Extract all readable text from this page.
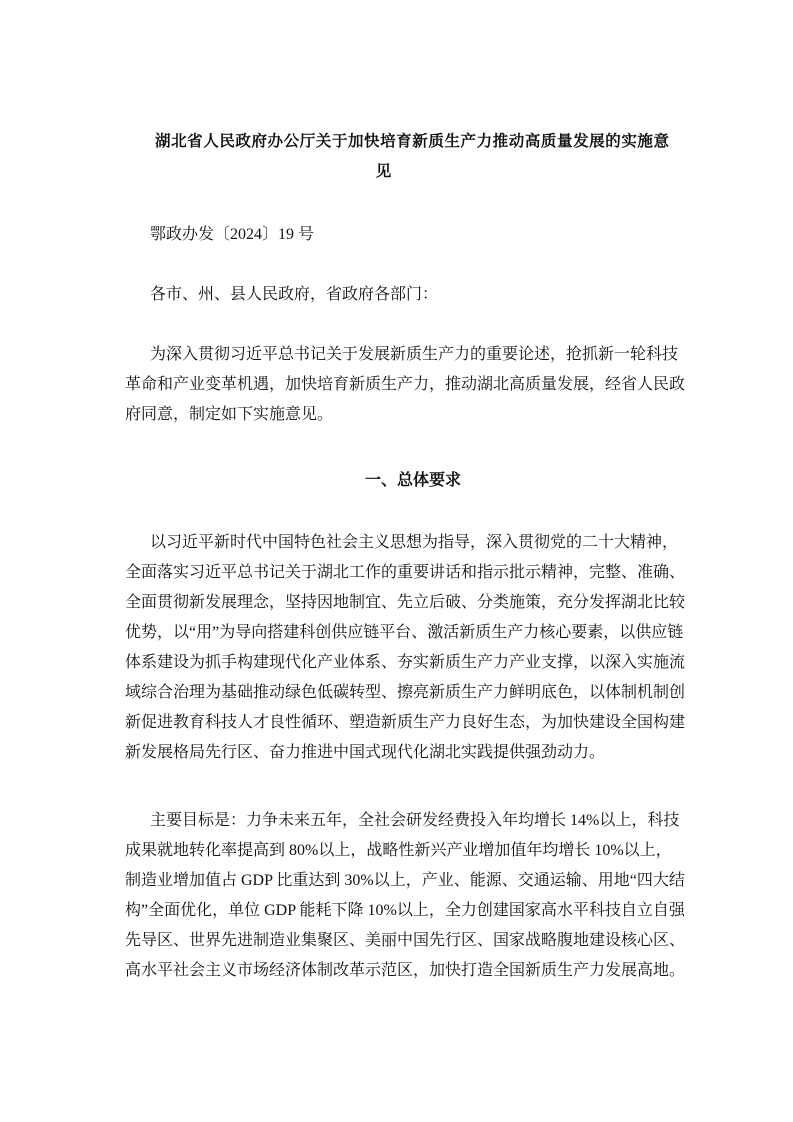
湖北省人民政府办公厅关于加快培育新质生产力推动高质量发展的实施意
见
鄂政办发〔2024〕19 号
各市、州、县人民政府，省政府各部门：
为深入贯彻习近平总书记关于发展新质生产力的重要论述，抢抓新一轮科技
革命和产业变革机遇，加快培育新质生产力，推动湖北高质量发展，经省人民政
府同意，制定如下实施意见。
一、总体要求
以习近平新时代中国特色社会主义思想为指导，深入贯彻党的二十大精神，
全面落实习近平总书记关于湖北工作的重要讲话和指示批示精神，完整、准确、
全面贯彻新发展理念，坚持因地制宜、先立后破、分类施策，充分发挥湖北比较
优势，以“用”为导向搭建科创供应链平台、激活新质生产力核心要素，以供应链
体系建设为抓手构建现代化产业体系、夯实新质生产力产业支撑，以深入实施流
域综合治理为基础推动绿色低碳转型、擦亮新质生产力鲜明底色，以体制机制创
新促进教育科技人才良性循环、塑造新质生产力良好生态，为加快建设全国构建
新发展格局先行区、奋力推进中国式现代化湖北实践提供强劲动力。
主要目标是：力争未来五年，全社会研发经费投入年均增长 14%以上，科技
成果就地转化率提高到 80%以上，战略性新兴产业增加值年均增长 10%以上，
制造业增加值占 GDP 比重达到 30%以上，产业、能源、交通运输、用地“四大结
构”全面优化，单位 GDP 能耗下降 10%以上，全力创建国家高水平科技自立自强
先导区、世界先进制造业集聚区、美丽中国先行区、国家战略腹地建设核心区、
高水平社会主义市场经济体制改革示范区，加快打造全国新质生产力发展高地。
